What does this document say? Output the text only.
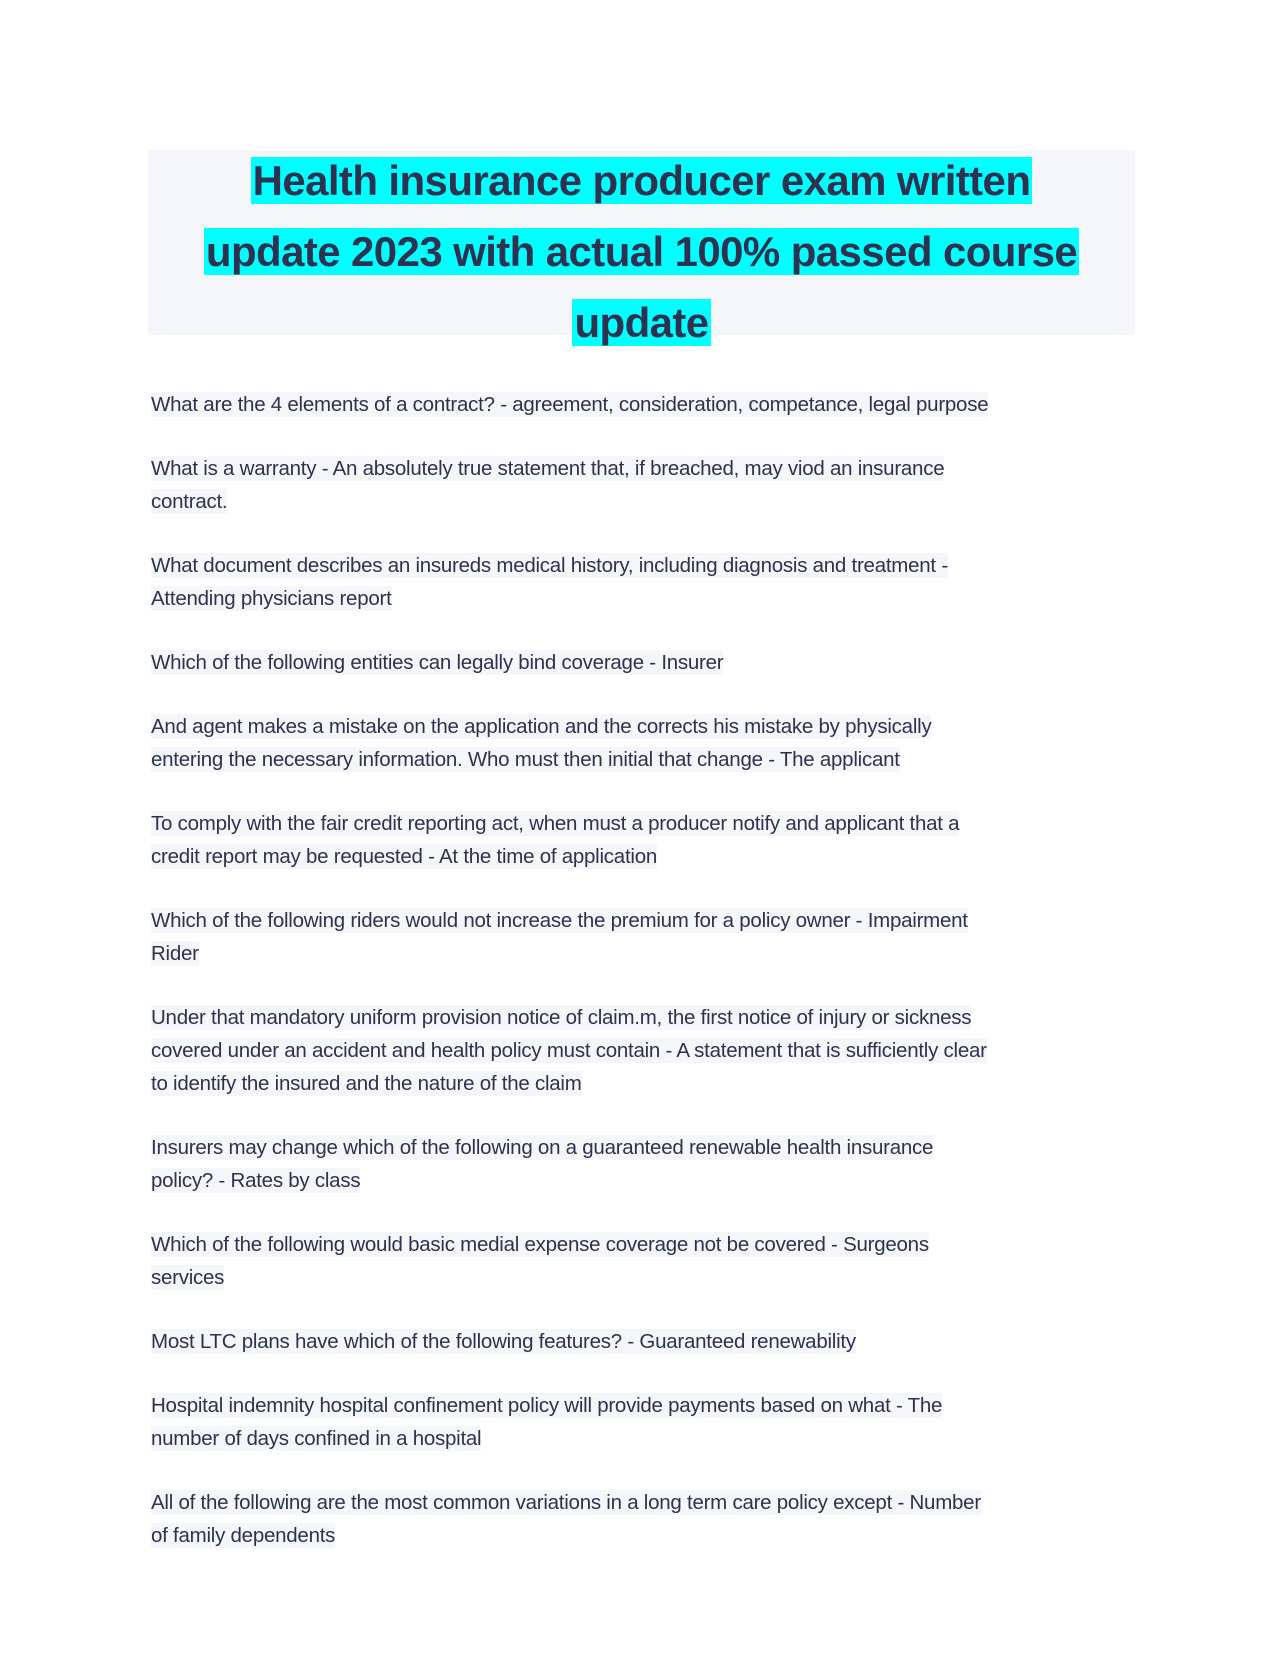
Health insurance producer exam written
update 2023 with actual 100% passed course
update
What are the 4 elements of a contract? - agreement, consideration, competance, legal purpose
What is a warranty - An absolutely true statement that, if breached, may viod an insurance
contract.
What document describes an insureds medical history, including diagnosis and treatment -
Attending physicians report
Which of the following entities can legally bind coverage - Insurer
And agent makes a mistake on the application and the corrects his mistake by physically
entering the necessary information. Who must then initial that change - The applicant
To comply with the fair credit reporting act, when must a producer notify and applicant that a
credit report may be requested - At the time of application
Which of the following riders would not increase the premium for a policy owner - Impairment
Rider
Under that mandatory uniform provision notice of claim.m, the first notice of injury or sickness
covered under an accident and health policy must contain - A statement that is sufficiently clear
to identify the insured and the nature of the claim
Insurers may change which of the following on a guaranteed renewable health insurance
policy? - Rates by class
Which of the following would basic medial expense coverage not be covered - Surgeons
services
Most LTC plans have which of the following features? - Guaranteed renewability
Hospital indemnity hospital confinement policy will provide payments based on what - The
number of days confined in a hospital
All of the following are the most common variations in a long term care policy except - Number
of family dependents
